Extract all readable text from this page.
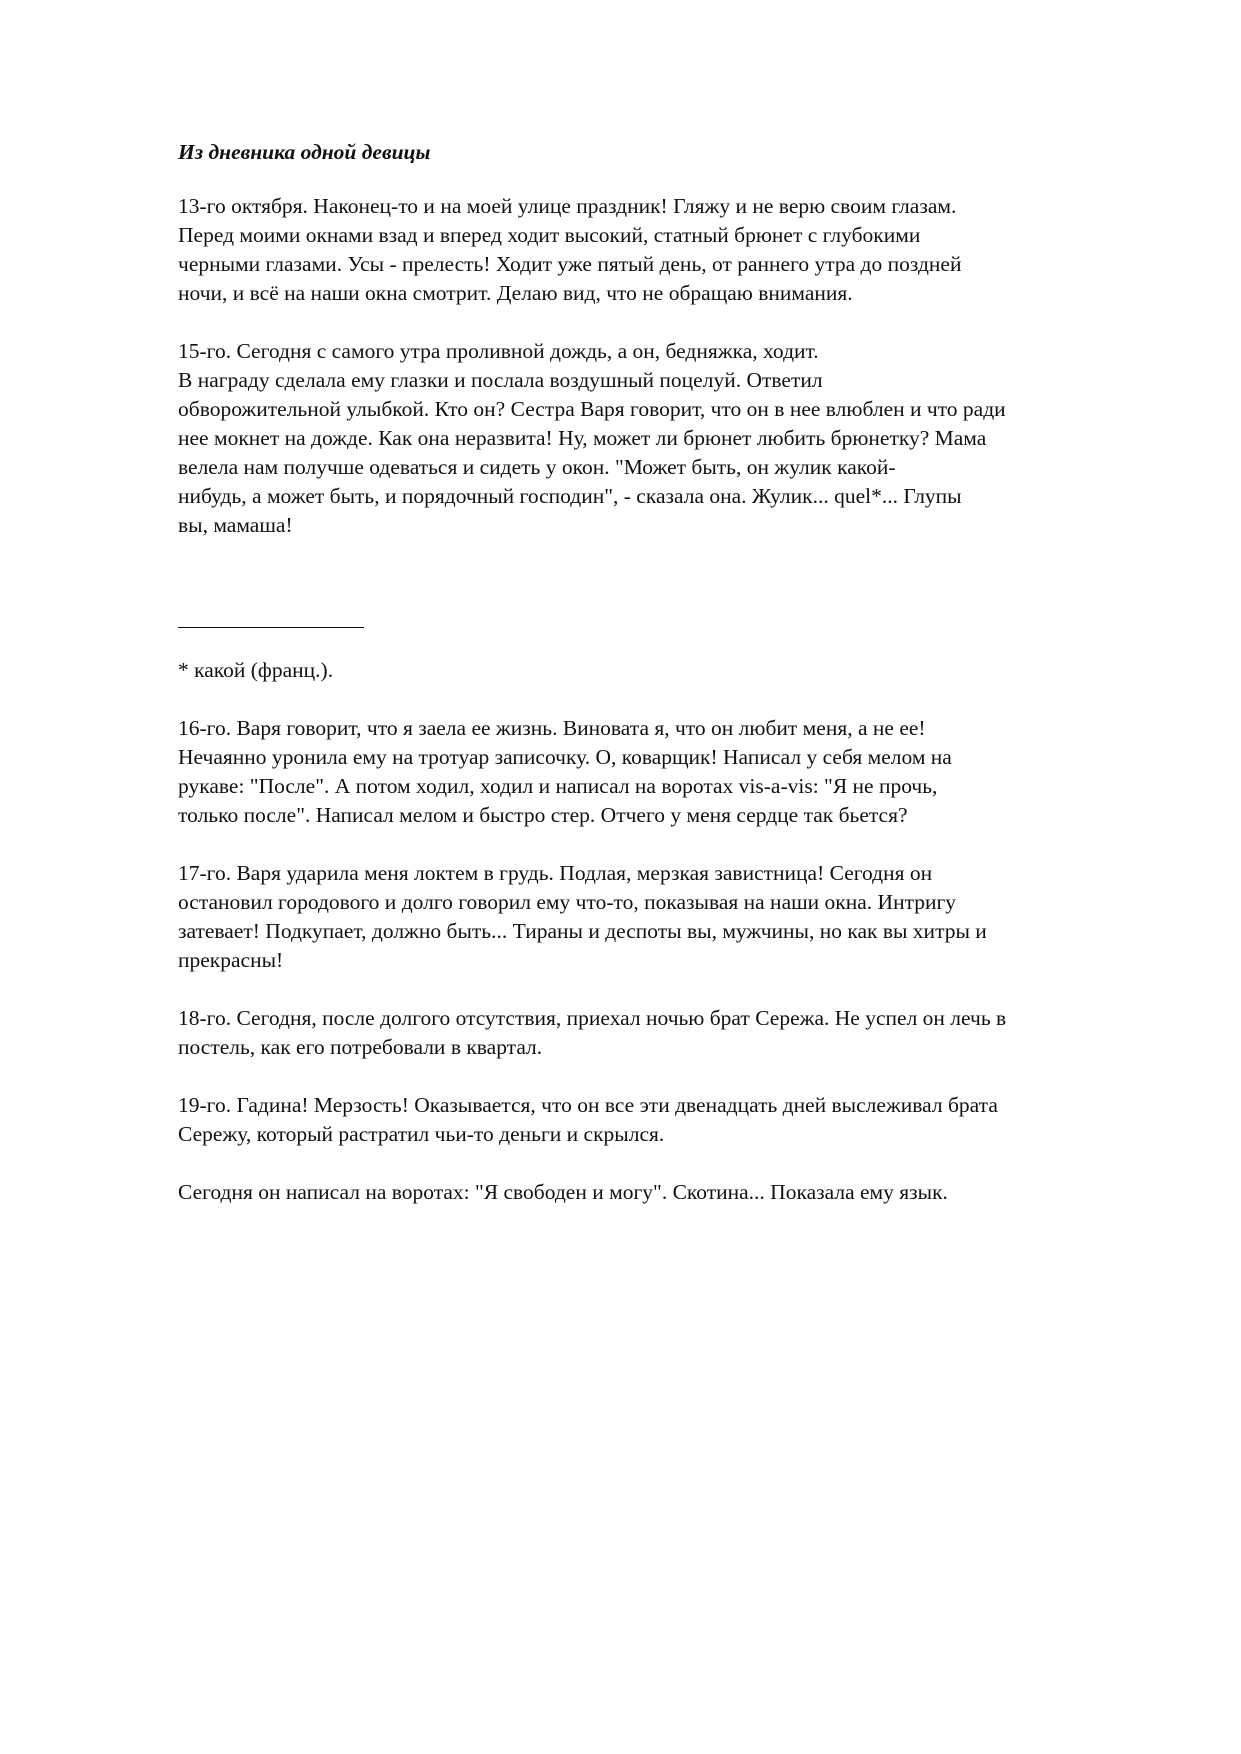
Из дневника одной девицы
13-го октября. Наконец-то и на моей улице праздник! Гляжу и не верю своим глазам.
Перед моими окнами взад и вперед ходит высокий, статный брюнет с глубокими
черными глазами. Усы - прелесть! Ходит уже пятый день, от раннего утра до поздней
ночи, и всё на наши окна смотрит. Делаю вид, что не обращаю внимания.
15-го. Сегодня с самого утра проливной дождь, а он, бедняжка, ходит.
В награду сделала ему глазки и послала воздушный поцелуй. Ответил
обворожительной улыбкой. Кто он? Сестра Варя говорит, что он в нее влюблен и что ради
нее мокнет на дожде. Как она неразвита! Ну, может ли брюнет любить брюнетку? Мама
велела нам получше одеваться и сидеть у окон. "Может быть, он жулик какой-
нибудь, а может быть, и порядочный господин", - сказала она. Жулик... quel*... Глупы
вы, мамаша!
* какой (франц.).
16-го. Варя говорит, что я заела ее жизнь. Виновата я, что он любит меня, а не ее!
Нечаянно уронила ему на тротуар записочку. О, коварщик! Написал у себя мелом на
рукаве: "После". А потом ходил, ходил и написал на воротах vis-a-vis: "Я не прочь,
только после". Написал мелом и быстро стер. Отчего у меня сердце так бьется?
17-го. Варя ударила меня локтем в грудь. Подлая, мерзкая завистница! Сегодня он
остановил городового и долго говорил ему что-то, показывая на наши окна. Интригу
затевает! Подкупает, должно быть... Тираны и деспоты вы, мужчины, но как вы хитры и
прекрасны!
18-го. Сегодня, после долгого отсутствия, приехал ночью брат Сережа. Не успел он лечь в
постель, как его потребовали в квартал.
19-го. Гадина! Мерзость! Оказывается, что он все эти двенадцать дней выслеживал брата
Сережу, который растратил чьи-то деньги и скрылся.
Сегодня он написал на воротах: "Я свободен и могу". Скотина... Показала ему язык.
